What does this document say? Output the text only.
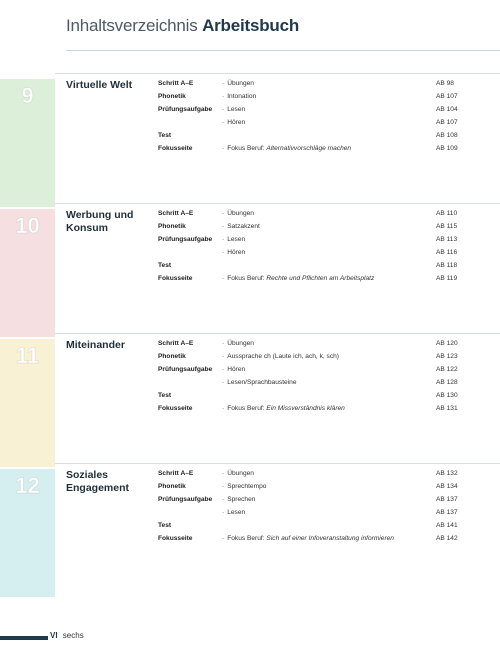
Inhaltsverzeichnis Arbeitsbuch
9	Virtuelle Welt	Schritt A–E	· Übungen	AB 98
Phonetik	· Intonation	AB 107
Prüfungsaufgabe · Lesen	AB 104
· Hören	AB 107
Test	AB 108
Fokusseite	· Fokus Beruf: Alternativvorschläge machen	AB 109
10	Werbung und Konsum
Schritt A–E	· Übungen	AB 110
Phonetik	· Satzakzent	AB 115
Prüfungsaufgabe · Lesen	AB 113
· Hören	AB 116
Test	AB 118
Fokusseite	· Fokus Beruf: Rechte und Pflichten am Arbeitsplatz	AB 119
11	Miteinander	Schritt A–E	· Übungen	AB 120
Phonetik	· Aussprache ch (Laute ich, ach, k, sch)	AB 123
Prüfungsaufgabe · Hören	AB 122
· Lesen/Sprachbausteine	AB 128
Test	AB 130
Fokusseite	· Fokus Beruf: Ein Missverständnis klären	AB 131
12	Soziales Engagement
Schritt A–E	· Übungen	AB 132
Phonetik	· Sprechtempo	AB 134
Prüfungsaufgabe · Sprechen	AB 137
· Lesen	AB 137
Test	AB 141
Fokusseite	· Fokus Beruf: Sich auf einer Infoveranstaltung informieren	AB 142
VI sechs
